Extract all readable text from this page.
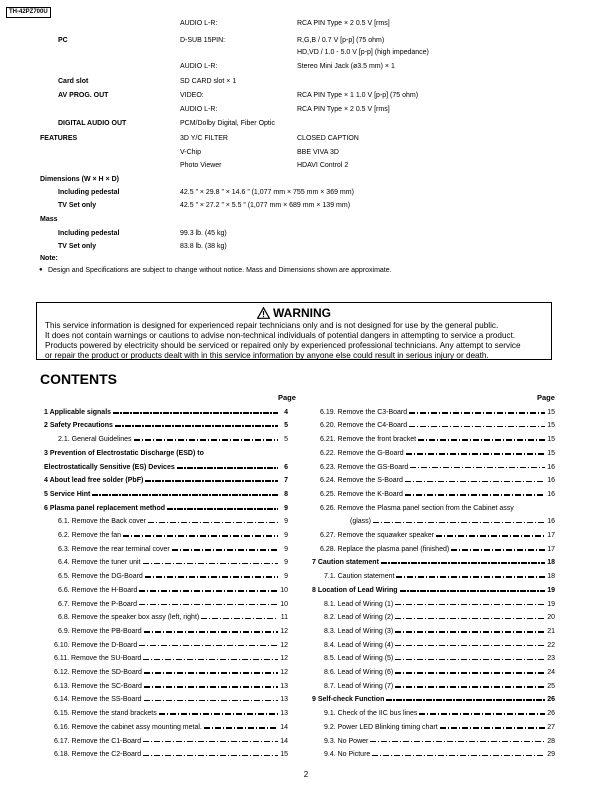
TH-42PZ700U
AUDIO L-R:	RCA PIN Type × 2 0.5 V [rms]
PC	D-SUB 15PIN:	R,G,B / 0.7 V [p-p] (75 ohm)
HD,VD / 1.0 - 5.0 V [p-p] (high impedance)
AUDIO L-R:	Stereo Mini Jack (ø3.5 mm) × 1
Card slot	SD CARD slot × 1
AV PROG. OUT	VIDEO:	RCA PIN Type × 1 1.0 V [p-p] (75 ohm)
AUDIO L-R:	RCA PIN Type × 2 0.5 V [rms]
DIGITAL AUDIO OUT	PCM/Dolby Digital, Fiber Optic
FEATURES	3D Y/C FILTER	CLOSED CAPTION
V-Chip	BBE VIVA 3D
Photo Viewer	HDAVI Control 2
Dimensions (W × H × D)
Including pedestal	42.5 ” × 29.8 ” × 14.6 ” (1,077 mm × 755 mm × 369 mm)
TV Set only	42.5 ” × 27.2 ” × 5.5 ” (1,077 mm × 689 mm × 139 mm)
Mass
Including pedestal	99.3 lb. (45 kg)
TV Set only	83.8 lb. (38 kg)
Note:
● Design and Specifications are subject to change without notice. Mass and Dimensions shown are approximate.
WARNING
This service information is designed for experienced repair technicians only and is not designed for use by the general public.
It does not contain warnings or cautions to advise non-technical individuals of potential dangers in attempting to service a product.
Products powered by electricity should be serviced or repaired only by experienced professional technicians. Any attempt to service
or repair the product or products dealt with in this service information by anyone else could result in serious injury or death.
CONTENTS
Page	Page
1 Applicable signals	4
2 Safety Precautions	5
2.1. General Guidelines	5
3 Prevention of Electrostatic Discharge (ESD) to
Electrostatically Sensitive (ES) Devices	6
4 About lead free solder (PbF)	7
5 Service Hint	8
6 Plasma panel replacement method	9
6.1. Remove the Back cover	9
6.2. Remove the fan	9
6.3. Remove the rear terminal cover	9
6.4. Remove the tuner unit	9
6.5. Remove the DG-Board	9
6.6. Remove the H-Board	10
6.7. Remove the P-Board	10
6.8. Remove the speaker box assy (left, right)	11
6.9. Remove the PB-Board	12
6.10. Remove the D-Board	12
6.11. Remove the SU-Board	12
6.12. Remove the SD-Board	12
6.13. Remove the SC-Board	13
6.14. Remove the SS-Board	13
6.15. Remove the stand brackets	13
6.16. Remove the cabinet assy mounting metal.	14
6.17. Remove the C1-Board	14
6.18. Remove the C2-Board	15
6.19. Remove the C3-Board	15
6.20. Remove the C4-Board	15
6.21. Remove the front bracket	15
6.22. Remove the G-Board	15
6.23. Remove the GS-Board	16
6.24. Remove the S-Board	16
6.25. Remove the K-Board	16
6.26. Remove the Plasma panel section from the Cabinet assy
(glass)	16
6.27. Remove the squawker speaker	17
6.28. Replace the plasma panel (finished)	17
7 Caution statement	18
7.1. Caution statement	18
8 Location of Lead Wiring	19
8.1. Lead of Wiring (1)	19
8.2. Lead of Wiring (2)	20
8.3. Lead of Wiring (3)	21
8.4. Lead of Wiring (4)	22
8.5. Lead of Wiring (5)	23
8.6. Lead of Wiring (6)	24
8.7. Lead of Wiring (7)	25
9 Self-check Function	26
9.1. Check of the IIC bus lines	26
9.2. Power LED Blinking timing chart	27
9.3. No Power	28
9.4. No Picture	29
2
